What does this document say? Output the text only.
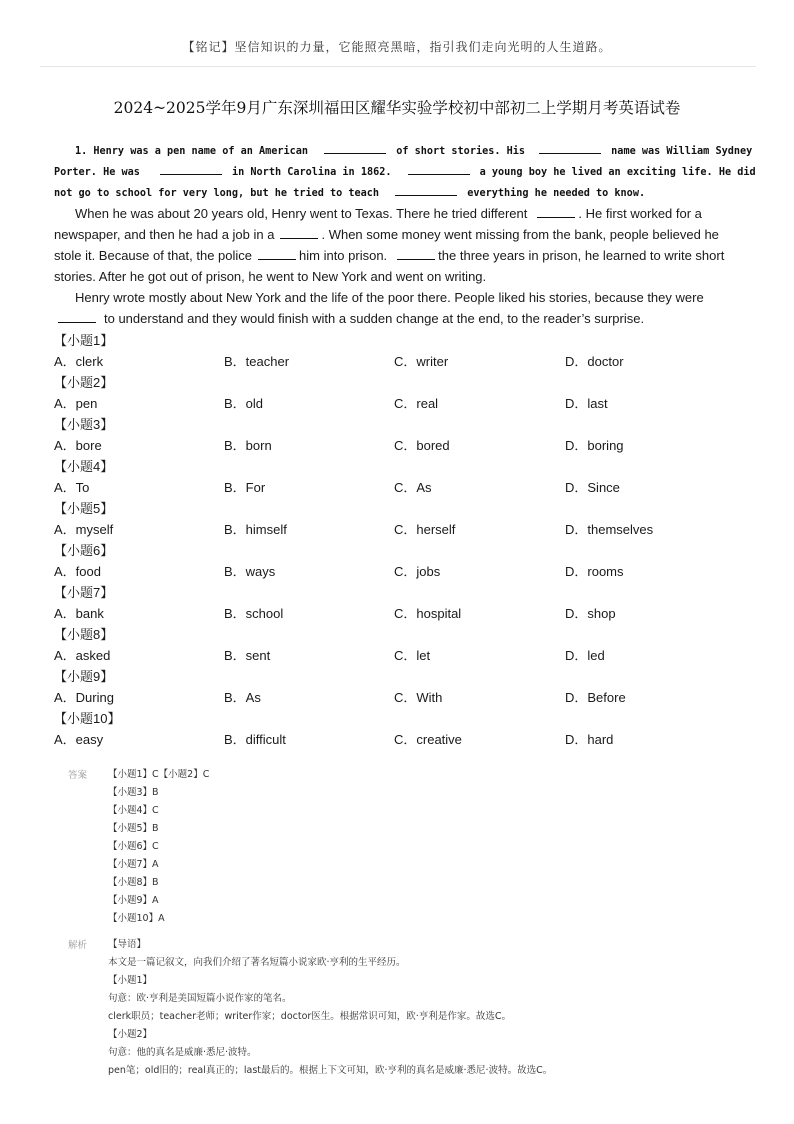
【铭记】坚信知识的力量，它能照亮黑暗，指引我们走向光明的人生道路。
2024~2025学年9月广东深圳福田区耀华实验学校初中部初二上学期月考英语试卷
1. Henry was a pen name of an American	of short stories. His	name was William Sydney
Porter. He was	in North Carolina in 1862.	a young boy he lived an exciting life. He did
not go to school for very long, but he tried to teach	everything he needed to know.
When he was about 20 years old, Henry went to Texas. There he tried different	. He first worked for a
newspaper, and then he had a job in a	. When some money went missing from the bank, people believed he
stole it. Because of that, the police	him into prison.	the three years in prison, he learned to write short
stories. After he got out of prison, he went to New York and went on writing.
Henry wrote mostly about New York and the life of the poor there. People liked his stories, because they were
to understand and they would finish with a sudden change at the end, to the reader’s surprise.
【小题1】
A．clerk	B．teacher	C．writer	D．doctor
【小题2】
A．pen	B．old	C．real	D．last
【小题3】
A．bore	B．born	C．bored	D．boring
【小题4】
A．To	B．For	C．As	D．Since
【小题5】
A．myself	B．himself	C．herself	D．themselves
【小题6】
A．food	B．ways	C．jobs	D．rooms
【小题7】
A．bank	B．school	C．hospital	D．shop
【小题8】
A．asked	B．sent	C．let	D．led
【小题9】
A．During	B．As	C．With	D．Before
【小题10】
A．easy	B．difficult	C．creative	D．hard
答案 【小题1】C【小题2】C
【小题3】B
【小题4】C
【小题5】B
【小题6】C
【小题7】A
【小题8】B
【小题9】A
【小题10】A
解析 【导语】
本文是一篇记叙文，向我们介绍了著名短篇小说家欧·亨利的生平经历。
【小题1】
句意：欧·亨利是美国短篇小说作家的笔名。
clerk职员；teacher老师；writer作家；doctor医生。根据常识可知，欧·亨利是作家。故选C。
【小题2】
句意：他的真名是威廉·悉尼·波特。
pen笔；old旧的；real真正的；last最后的。根据上下文可知，欧·亨利的真名是威廉·悉尼·波特。故选C。
